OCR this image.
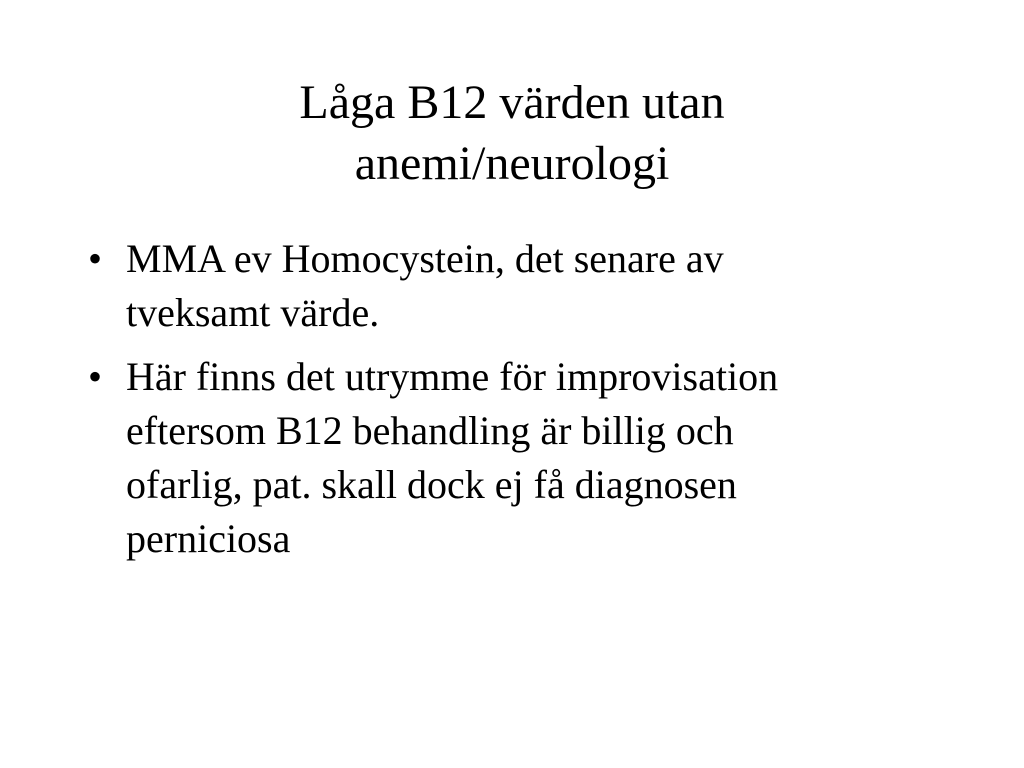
Låga B12 värden utan
anemi/neurologi
• MMA ev Homocystein, det senare av
tveksamt värde.
• Här finns det utrymme för improvisation
eftersom B12 behandling är billig och
ofarlig, pat. skall dock ej få diagnosen
perniciosa
